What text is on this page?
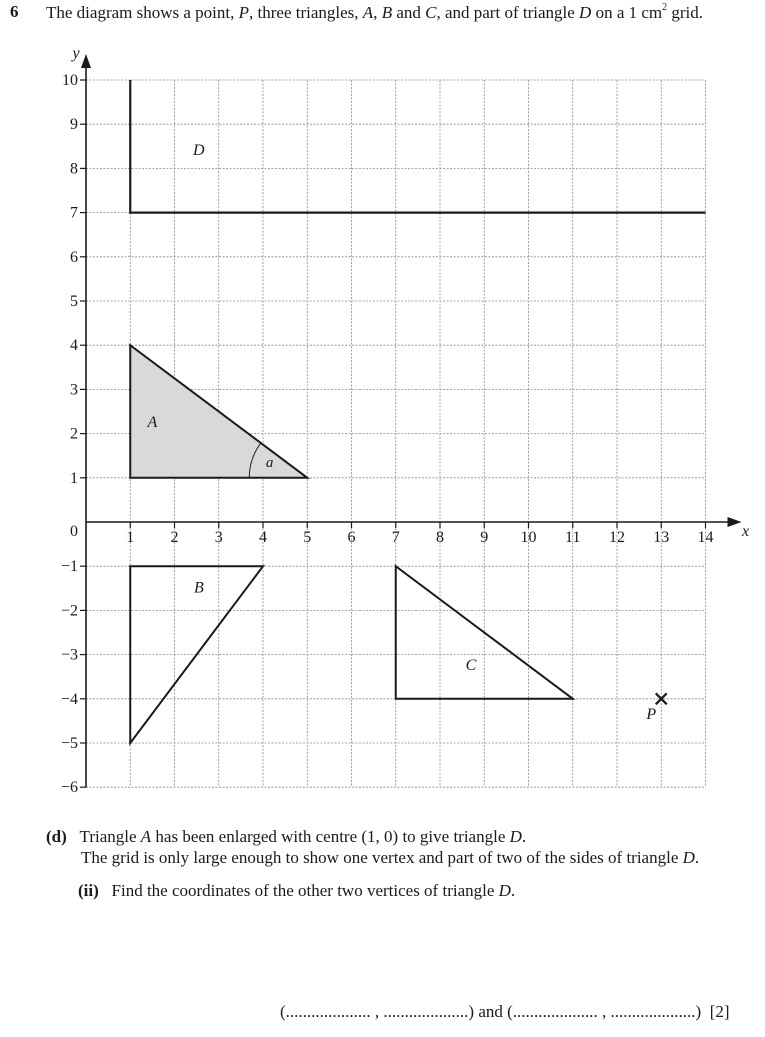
6 The diagram shows a point, P, three triangles, A, B and C, and part of triangle D on a 1 $cm^2$ grid.
1 2 3 4 5 6 7 8 9 10 11 12 13 14
1
2
3
4
5
6
7
8
9
10
−1
−2
−3
−4
−5
−6
0
y
x
A
a
B
C
D
P
(d) Triangle A has been enlarged with centre (1, 0) to give triangle D.
The grid is only large enough to show one vertex and part of two of the sides of triangle D.
(ii) Find the coordinates of the other two vertices of triangle D.
(.................... , ....................) and (.................... , ....................) [2]
